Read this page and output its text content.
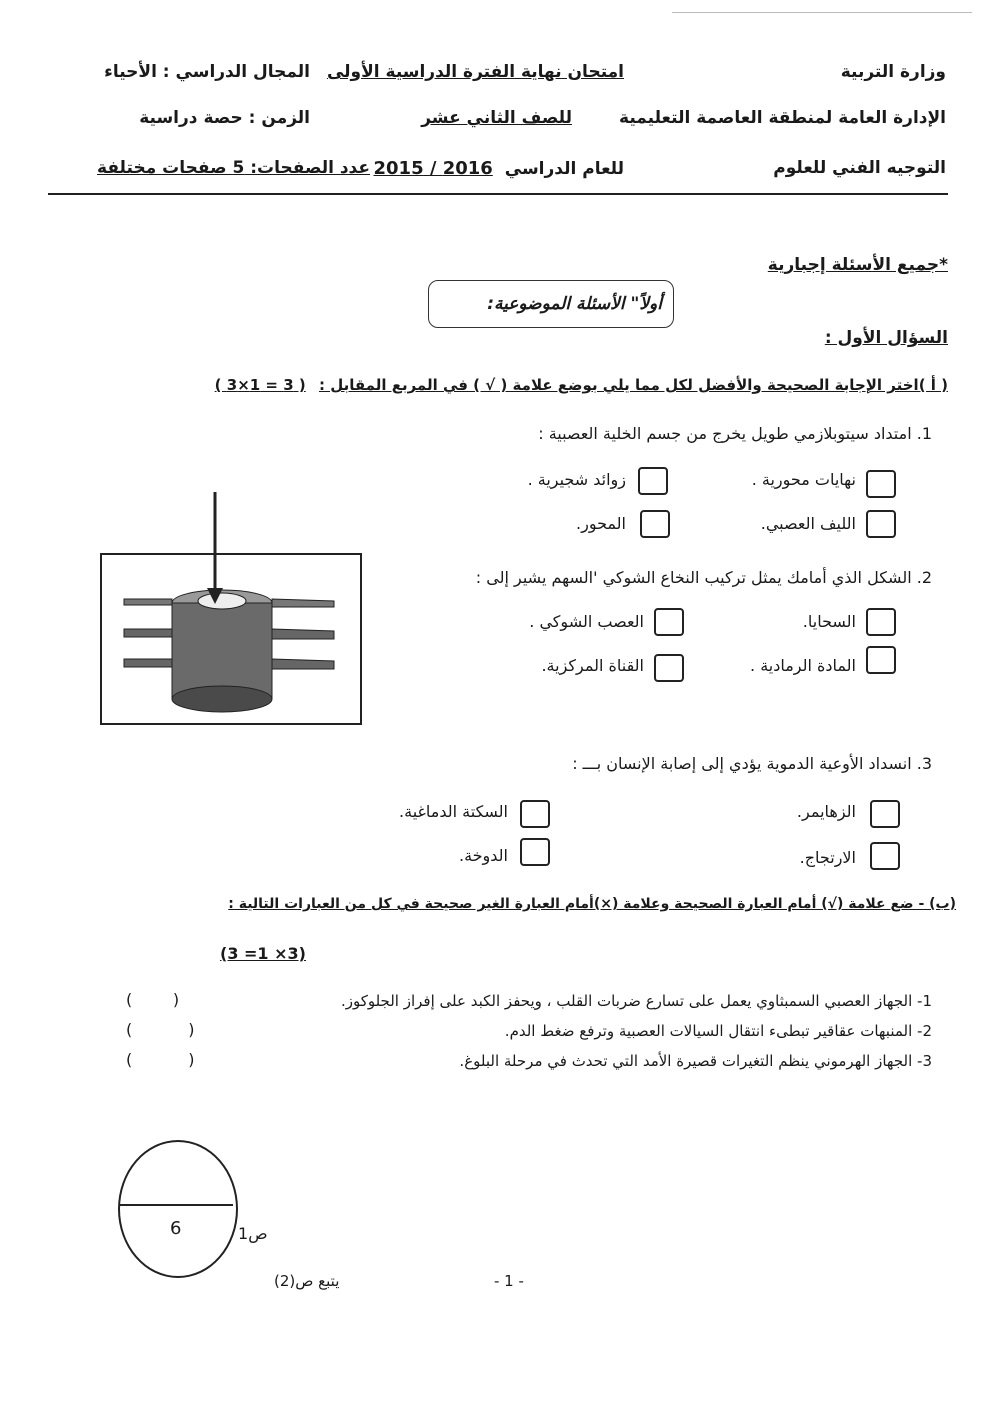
وزارة التربية
امتحان نهاية الفترة الدراسية الأولى
المجال الدراسي : الأحياء
الإدارة العامة لمنطقة العاصمة التعليمية
للصف الثاني عشر
الزمن : حصة دراسية
التوجيه الفني للعلوم
للعام الدراسي 2016 / 2015
عدد الصفحات: 5 صفحات مختلفة
*جميع الأسئلة إجبارية
أولاً" الأسئلة الموضوعية:
السؤال الأول :
( أ )اختر الإجابة الصحيحة والأفضل لكل مما يلي بوضع علامة ( √ ) في المربع المقابل : ( 3 = 1×3 )
1. امتداد سيتوبلازمي طويل يخرج من جسم الخلية العصبية :
نهايات محورية .
زوائد شجيرية .
الليف العصبي.
المحور.
2. الشكل الذي أمامك يمثل تركيب النخاع الشوكي 'السهم يشير إلى :
السحايا.
العصب الشوكي .
المادة الرمادية .
القناة المركزية.
3. انسداد الأوعية الدموية يؤدي إلى إصابة الإنسان بـــ :
الزهايمر.
السكتة الدماغية.
الارتجاج.
الدوخة.
(ب) - ضع علامة (√) أمام العبارة الصحيحة وعلامة (×)أمام العبارة الغير صحيحة في كل من العبارات التالية :
(3 =1 ×3)
1- الجهاز العصبي السمبثاوي يعمل على تسارع ضربات القلب ، ويحفز الكبد على إفراز الجلوكوز.
(        )
2- المنبهات عقاقير تبطىء انتقال السيالات العصبية وترفع ضغط الدم.
(           )
3- الجهاز الهرموني ينظم التغيرات قصيرة الأمد التي تحدث في مرحلة البلوغ.
(           )
6	ص1
- 1 -
يتبع ص(2)
